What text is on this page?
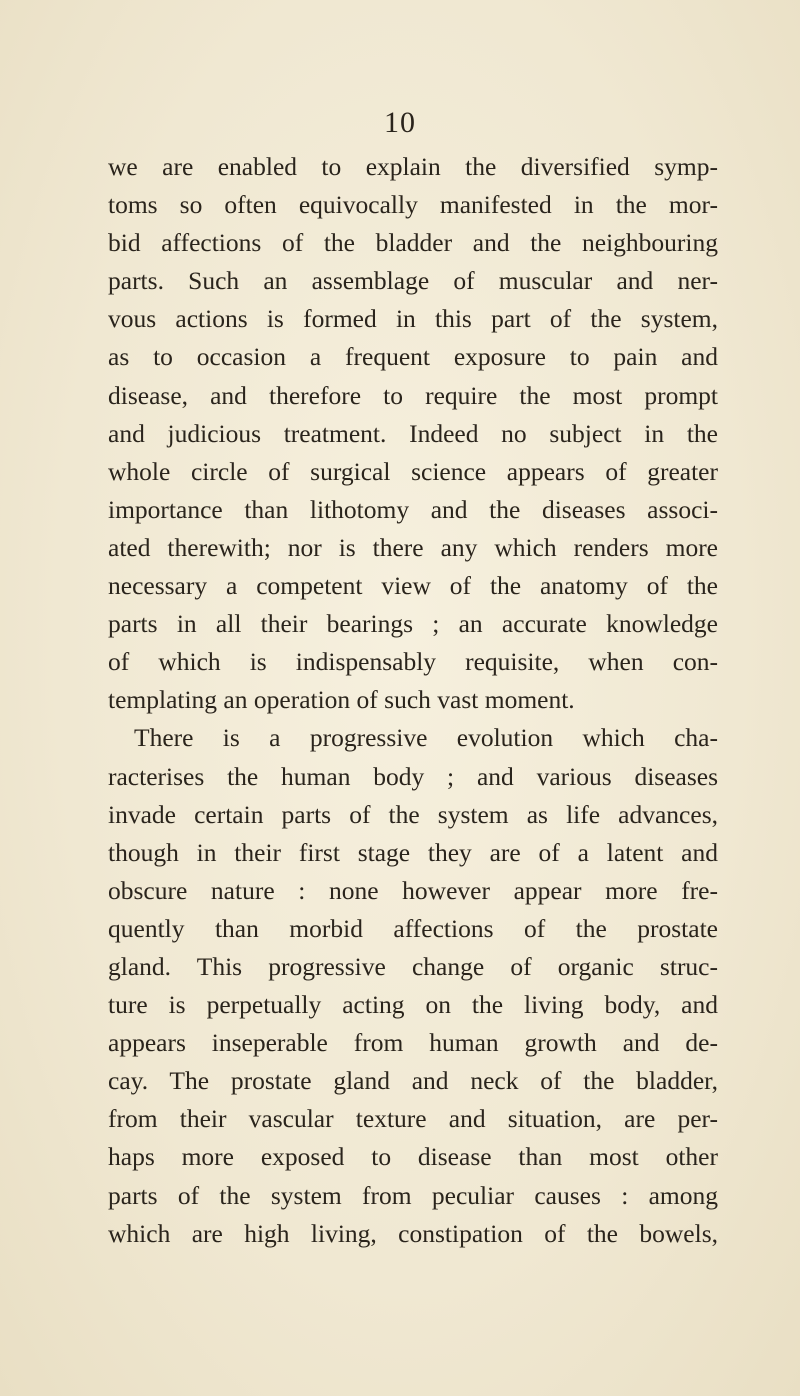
10
we are enabled to explain the diversified symp-
toms so often equivocally manifested in the mor-
bid affections of the bladder and the neighbouring
parts. Such an assemblage of muscular and ner-
vous actions is formed in this part of the system,
as to occasion a frequent exposure to pain and
disease, and therefore to require the most prompt
and judicious treatment. Indeed no subject in the
whole circle of surgical science appears of greater
importance than lithotomy and the diseases associ-
ated therewith; nor is there any which renders more
necessary a competent view of the anatomy of the
parts in all their bearings ; an accurate knowledge
of which is indispensably requisite, when con-
templating an operation of such vast moment.
There is a progressive evolution which cha-
racterises the human body ; and various diseases
invade certain parts of the system as life advances,
though in their first stage they are of a latent and
obscure nature : none however appear more fre-
quently than morbid affections of the prostate
gland. This progressive change of organic struc-
ture is perpetually acting on the living body, and
appears inseperable from human growth and de-
cay. The prostate gland and neck of the bladder,
from their vascular texture and situation, are per-
haps more exposed to disease than most other
parts of the system from peculiar causes : among
which are high living, constipation of the bowels,
